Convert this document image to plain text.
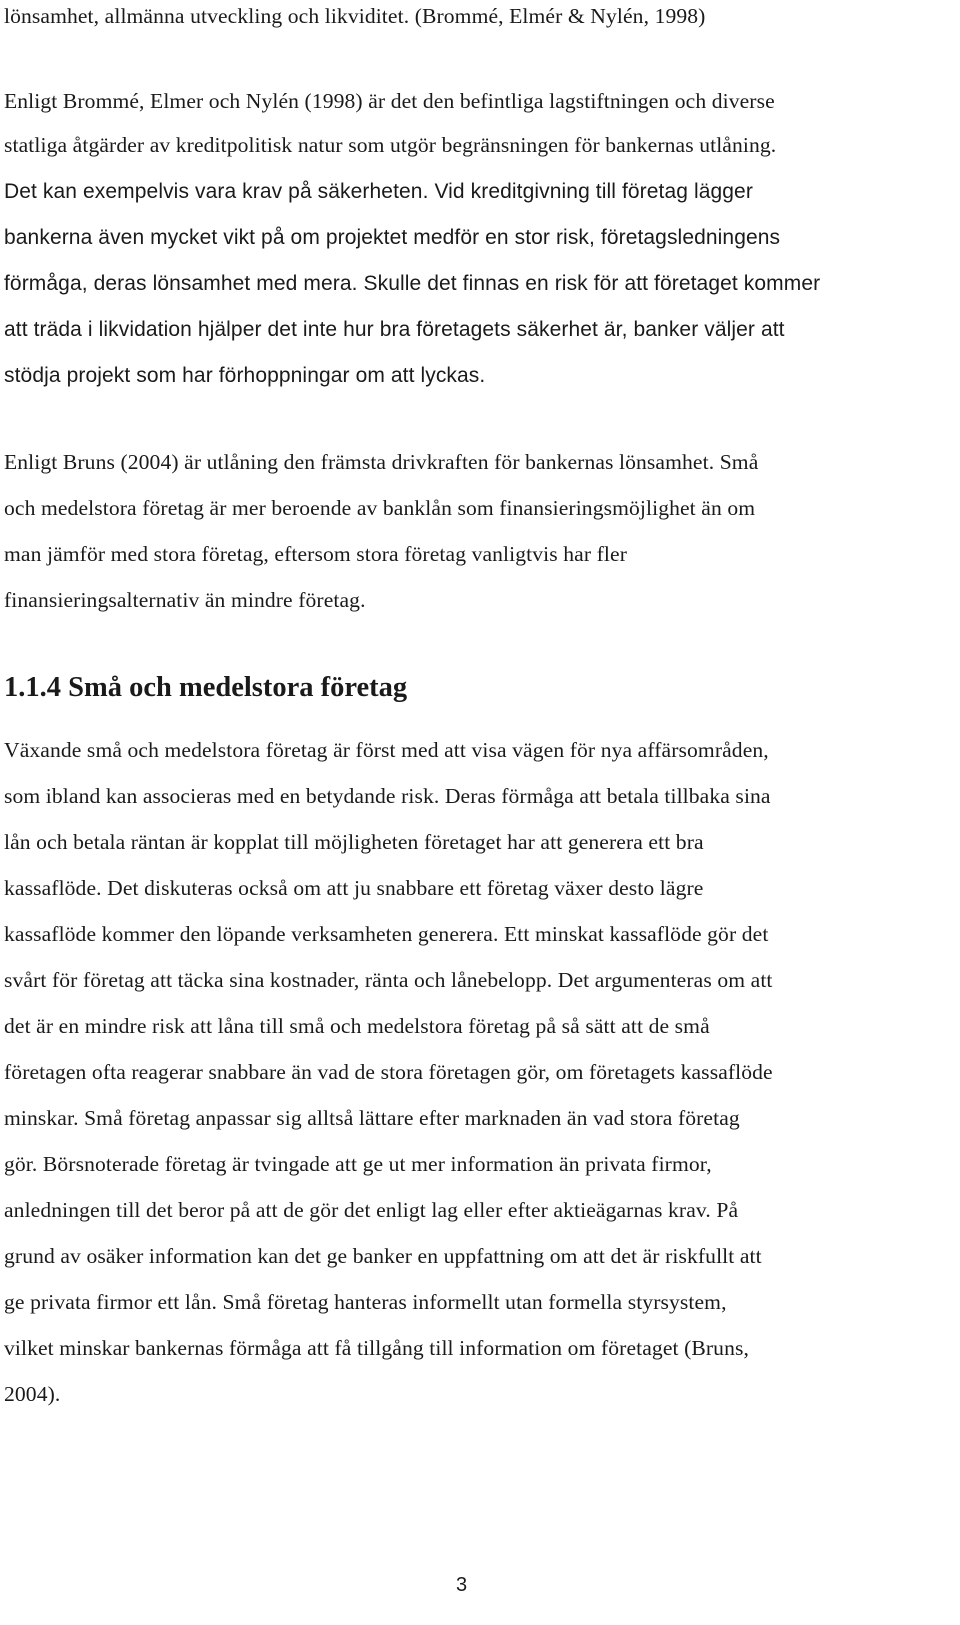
lönsamhet, allmänna utveckling och likviditet. (Brommé, Elmér & Nylén, 1998)
Enligt Brommé, Elmer och Nylén (1998) är det den befintliga lagstiftningen och diverse
statliga åtgärder av kreditpolitisk natur som utgör begränsningen för bankernas utlåning.
Det kan exempelvis vara krav på säkerheten. Vid kreditgivning till företag lägger
bankerna även mycket vikt på om projektet medför en stor risk, företagsledningens
förmåga, deras lönsamhet med mera. Skulle det finnas en risk för att företaget kommer
att träda i likvidation hjälper det inte hur bra företagets säkerhet är, banker väljer att
stödja projekt som har förhoppningar om att lyckas.
Enligt Bruns (2004) är utlåning den främsta drivkraften för bankernas lönsamhet. Små
och medelstora företag är mer beroende av banklån som finansieringsmöjlighet än om
man jämför med stora företag, eftersom stora företag vanligtvis har fler
finansieringsalternativ än mindre företag.
1.1.4 Små och medelstora företag
Växande små och medelstora företag är först med att visa vägen för nya affärsområden,
som ibland kan associeras med en betydande risk. Deras förmåga att betala tillbaka sina
lån och betala räntan är kopplat till möjligheten företaget har att generera ett bra
kassaflöde. Det diskuteras också om att ju snabbare ett företag växer desto lägre
kassaflöde kommer den löpande verksamheten generera. Ett minskat kassaflöde gör det
svårt för företag att täcka sina kostnader, ränta och lånebelopp. Det argumenteras om att
det är en mindre risk att låna till små och medelstora företag på så sätt att de små
företagen ofta reagerar snabbare än vad de stora företagen gör, om företagets kassaflöde
minskar. Små företag anpassar sig alltså lättare efter marknaden än vad stora företag
gör. Börsnoterade företag är tvingade att ge ut mer information än privata firmor,
anledningen till det beror på att de gör det enligt lag eller efter aktieägarnas krav. På
grund av osäker information kan det ge banker en uppfattning om att det är riskfullt att
ge privata firmor ett lån. Små företag hanteras informellt utan formella styrsystem,
vilket minskar bankernas förmåga att få tillgång till information om företaget (Bruns,
2004).
3
